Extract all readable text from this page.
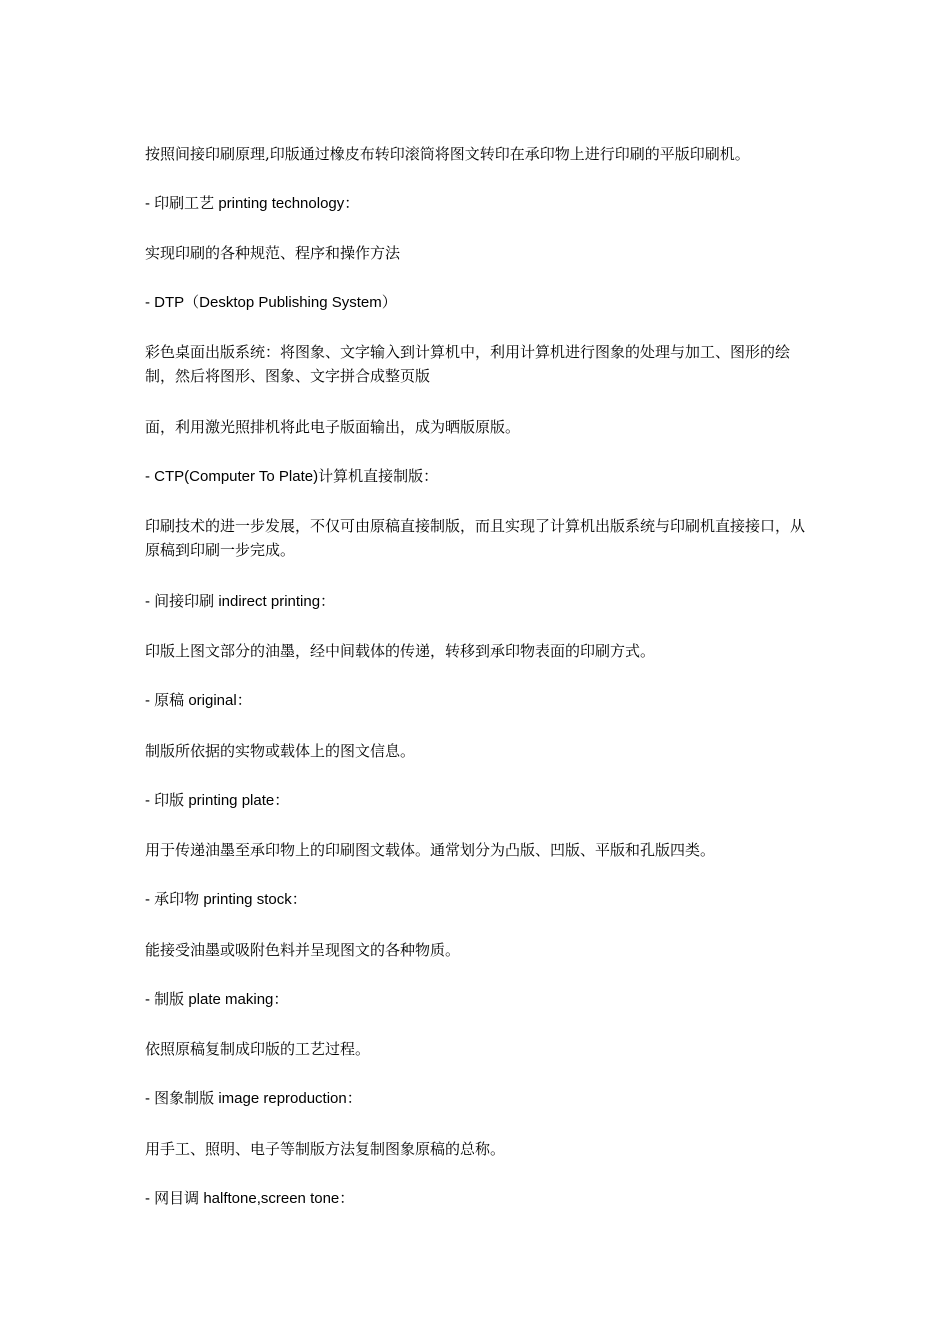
按照间接印刷原理,印版通过橡皮布转印滚筒将图文转印在承印物上进行印刷的平版印刷机。

- 印刷工艺 printing technology：

实现印刷的各种规范、程序和操作方法

- DTP（Desktop Publishing System）

彩色桌面出版系统：将图象、文字输入到计算机中，利用计算机进行图象的处理与加工、图形的绘制，然后将图形、图象、文字拼合成整页版

面，利用激光照排机将此电子版面输出，成为晒版原版。

- CTP(Computer To Plate)计算机直接制版：

印刷技术的进一步发展，不仅可由原稿直接制版，而且实现了计算机出版系统与印刷机直接接口，从原稿到印刷一步完成。

- 间接印刷 indirect printing：

印版上图文部分的油墨，经中间载体的传递，转移到承印物表面的印刷方式。

- 原稿 original：

制版所依据的实物或载体上的图文信息。

- 印版 printing plate：

用于传递油墨至承印物上的印刷图文载体。通常划分为凸版、凹版、平版和孔版四类。

- 承印物 printing stock：

能接受油墨或吸附色料并呈现图文的各种物质。

- 制版 plate making：

依照原稿复制成印版的工艺过程。

- 图象制版 image reproduction：

用手工、照明、电子等制版方法复制图象原稿的总称。

- 网目调 halftone,screen tone：
